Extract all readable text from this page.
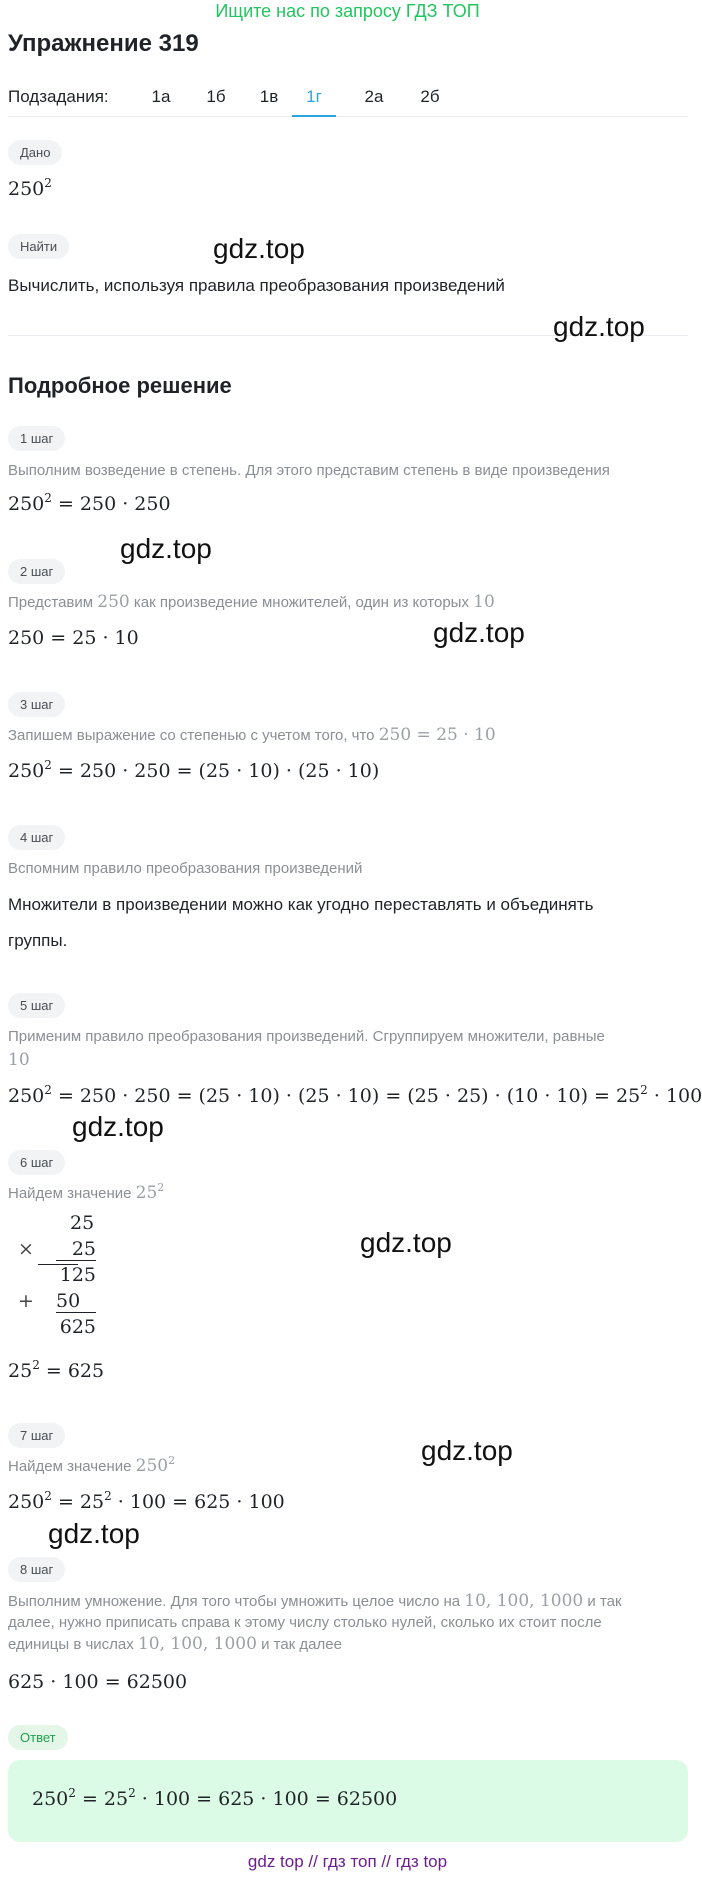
Ищите нас по запросу ГДЗ ТОП
Упражнение 319
Подзадания:	1а	1б	1в	1г	2а	2б
Дано
$250^2$
Найти
Вычислить, используя правила преобразования произведений
Подробное решение
1 шаг
Выполним возведение в степень. Для этого представим степень в виде произведения
$250^2 = 250 \cdot 250$
2 шаг
Представим 250 как произведение множителей, один из которых 10
250 = 25 · 10
3 шаг
Запишем выражение со степенью с учетом того, что 250 = 25 · 10
$250^2 = 250 \cdot 250 = (25 \cdot 10) \cdot (25 \cdot 10)$
4 шаг
Вспомним правило преобразования произведений
Множители в произведении можно как угодно переставлять и объединять
группы.
5 шаг
Применим правило преобразования произведений. Сгруппируем множители, равные
10
$250^2 = 250 \cdot 250 = (25 \cdot 10) \cdot (25 \cdot 10) = (25 \cdot 25) \cdot (10 \cdot 10) = 25^2 \cdot 100$
6 шаг
Найдем значение $25^2$
25
×	25
125
+ 50
625
$25^2 = 625$
7 шаг
Найдем значение $250^2$
$250^2 = 25^2 \cdot 100 = 625 \cdot 100$
8 шаг
Выполним умножение. Для того чтобы умножить целое число на 10, 100, 1000 и так
далее, нужно приписать справа к этому числу столько нулей, сколько их стоит после
единицы в числах 10, 100, 1000 и так далее
625 · 100 = 62500
Ответ
$250^2 = 25^2 \cdot 100 = 625 \cdot 100 = 62500$
gdz.top
gdz.top
gdz.top
gdz.top
gdz.top
gdz.top
gdz.top
gdz.top
gdz top // гдз топ // гдз top
